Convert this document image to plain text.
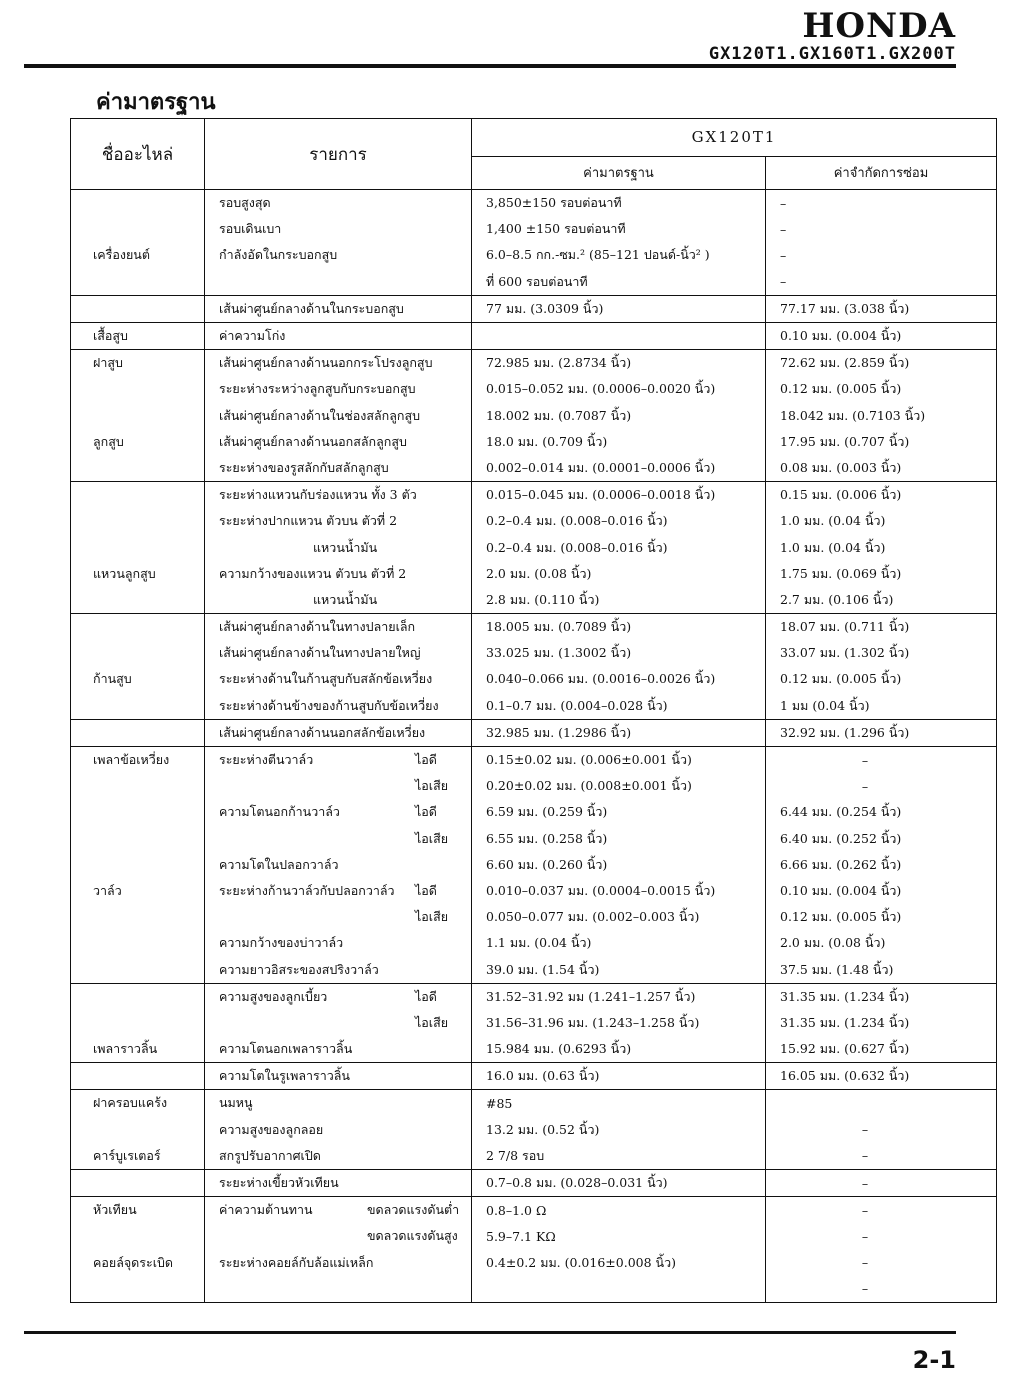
HONDA
GX120T1.GX160T1.GX200T
ค่ามาตรฐาน
ชื่ออะไหล่	รายการ	GX120T1	
		ค่ามาตรฐาน	ค่าจำกัดการซ่อม
	รอบสูงสุด	3,850±150 รอบต่อนาที	–
	รอบเดินเบา	1,400 ±150 รอบต่อนาที	–
เครื่องยนต์	กำลังอัดในกระบอกสูบ	6.0–8.5 กก.-ซม.² (85–121 ปอนด์-นิ้ว² )	–
		ที่ 600 รอบต่อนาที	–
	เส้นผ่าศูนย์กลางด้านในกระบอกสูบ	77 มม. (3.0309 นิ้ว)	77.17 มม. (3.038 นิ้ว)
เสื้อสูบ	ค่าความโก่ง		0.10 มม. (0.004 นิ้ว)
ฝาสูบ	เส้นผ่าศูนย์กลางด้านนอกกระโปรงลูกสูบ	72.985 มม. (2.8734 นิ้ว)	72.62 มม. (2.859 นิ้ว)
	ระยะห่างระหว่างลูกสูบกับกระบอกสูบ	0.015–0.052 มม. (0.0006–0.0020 นิ้ว)	0.12 มม. (0.005 นิ้ว)
	เส้นผ่าศูนย์กลางด้านในช่องสลักลูกสูบ	18.002 มม. (0.7087 นิ้ว)	18.042 มม. (0.7103 นิ้ว)
ลูกสูบ	เส้นผ่าศูนย์กลางด้านนอกสลักลูกสูบ	18.0 มม. (0.709 นิ้ว)	17.95 มม. (0.707 นิ้ว)
	ระยะห่างของรูสลักกับสลักลูกสูบ	0.002–0.014 มม. (0.0001–0.0006 นิ้ว)	0.08 มม. (0.003 นิ้ว)
	ระยะห่างแหวนกับร่องแหวน ทั้ง 3 ตัว	0.015–0.045 มม. (0.0006–0.0018 นิ้ว)	0.15 มม. (0.006 นิ้ว)
	ระยะห่างปากแหวน ตัวบน ตัวที่ 2	0.2–0.4 มม. (0.008–0.016 นิ้ว)	1.0 มม. (0.04 นิ้ว)
	แหวนน้ำมัน	0.2–0.4 มม. (0.008–0.016 นิ้ว)	1.0 มม. (0.04 นิ้ว)
แหวนลูกสูบ	ความกว้างของแหวน ตัวบน ตัวที่ 2	2.0 มม. (0.08 นิ้ว)	1.75 มม. (0.069 นิ้ว)
	แหวนน้ำมัน	2.8 มม. (0.110 นิ้ว)	2.7 มม. (0.106 นิ้ว)
	เส้นผ่าศูนย์กลางด้านในทางปลายเล็ก	18.005 มม. (0.7089 นิ้ว)	18.07 มม. (0.711 นิ้ว)
	เส้นผ่าศูนย์กลางด้านในทางปลายใหญ่	33.025 มม. (1.3002 นิ้ว)	33.07 มม. (1.302 นิ้ว)
ก้านสูบ	ระยะห่างด้านในก้านสูบกับสลักข้อเหวี่ยง	0.040–0.066 มม. (0.0016–0.0026 นิ้ว)	0.12 มม. (0.005 นิ้ว)
	ระยะห่างด้านข้างของก้านสูบกับข้อเหวี่ยง	0.1–0.7 มม. (0.004–0.028 นิ้ว)	1 มม (0.04 นิ้ว)
	เส้นผ่าศูนย์กลางด้านนอกสลักข้อเหวี่ยง	32.985 มม. (1.2986 นิ้ว)	32.92 มม. (1.296 นิ้ว)
เพลาข้อเหวี่ยง	ระยะห่างตีนวาล์ว ไอดี	0.15±0.02 มม. (0.006±0.001 นิ้ว)	–
	ไอเสีย	0.20±0.02 มม. (0.008±0.001 นิ้ว)	–
	ความโตนอกก้านวาล์ว ไอดี	6.59 มม. (0.259 นิ้ว)	6.44 มม. (0.254 นิ้ว)
	ไอเสีย	6.55 มม. (0.258 นิ้ว)	6.40 มม. (0.252 นิ้ว)
	ความโตในปลอกวาล์ว	6.60 มม. (0.260 นิ้ว)	6.66 มม. (0.262 นิ้ว)
วาล์ว	ระยะห่างก้านวาล์วกับปลอกวาล์ว ไอดี	0.010–0.037 มม. (0.0004–0.0015 นิ้ว)	0.10 มม. (0.004 นิ้ว)
	ไอเสีย	0.050–0.077 มม. (0.002–0.003 นิ้ว)	0.12 มม. (0.005 นิ้ว)
	ความกว้างของบ่าวาล์ว	1.1 มม. (0.04 นิ้ว)	2.0 มม. (0.08 นิ้ว)
	ความยาวอิสระของสปริงวาล์ว	39.0 มม. (1.54 นิ้ว)	37.5 มม. (1.48 นิ้ว)
	ความสูงของลูกเบี้ยว ไอดี	31.52–31.92 มม (1.241–1.257 นิ้ว)	31.35 มม. (1.234 นิ้ว)
	ไอเสีย	31.56–31.96 มม. (1.243–1.258 นิ้ว)	31.35 มม. (1.234 นิ้ว)
เพลาราวลิ้น	ความโตนอกเพลาราวลิ้น	15.984 มม. (0.6293 นิ้ว)	15.92 มม. (0.627 นิ้ว)
	ความโตในรูเพลาราวลิ้น	16.0 มม. (0.63 นิ้ว)	16.05 มม. (0.632 นิ้ว)
ฝาครอบแคร้ง	นมหนู	#85	
	ความสูงของลูกลอย	13.2 มม. (0.52 นิ้ว)	–
คาร์บูเรเตอร์	สกรูปรับอากาศเปิด	2 7/8 รอบ	–
	ระยะห่างเขี้ยวหัวเทียน	0.7–0.8 มม. (0.028–0.031 นิ้ว)	–
หัวเทียน	ค่าความต้านทาน ขดลวดแรงดันต่ำ	0.8–1.0 Ω	–
	ขดลวดแรงดันสูง	5.9–7.1 KΩ	–
คอยล์จุดระเบิด	ระยะห่างคอยล์กับล้อแม่เหล็ก	0.4±0.2 มม. (0.016±0.008 นิ้ว)	–
			–
2-1
